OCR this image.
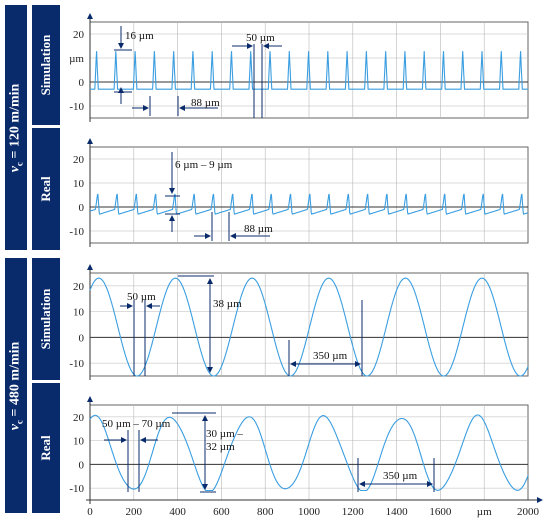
$v_c = 120$ m/min
$v_c = 480$ m/min
Simulation
Real
Simulation
Real
20
µm
0
-10
20
10
0
-10
20
10
0
-10
20
10
0
-10
0	200 400 600 800 1000 1200 1400 1600 µm 2000
16 µm	50 µm
88 µm
6 µm – 9 µm
88 µm
50 µm
38 µm
350 µm
50 µm – 70 µm
30 µm –
32 µm
350 µm
